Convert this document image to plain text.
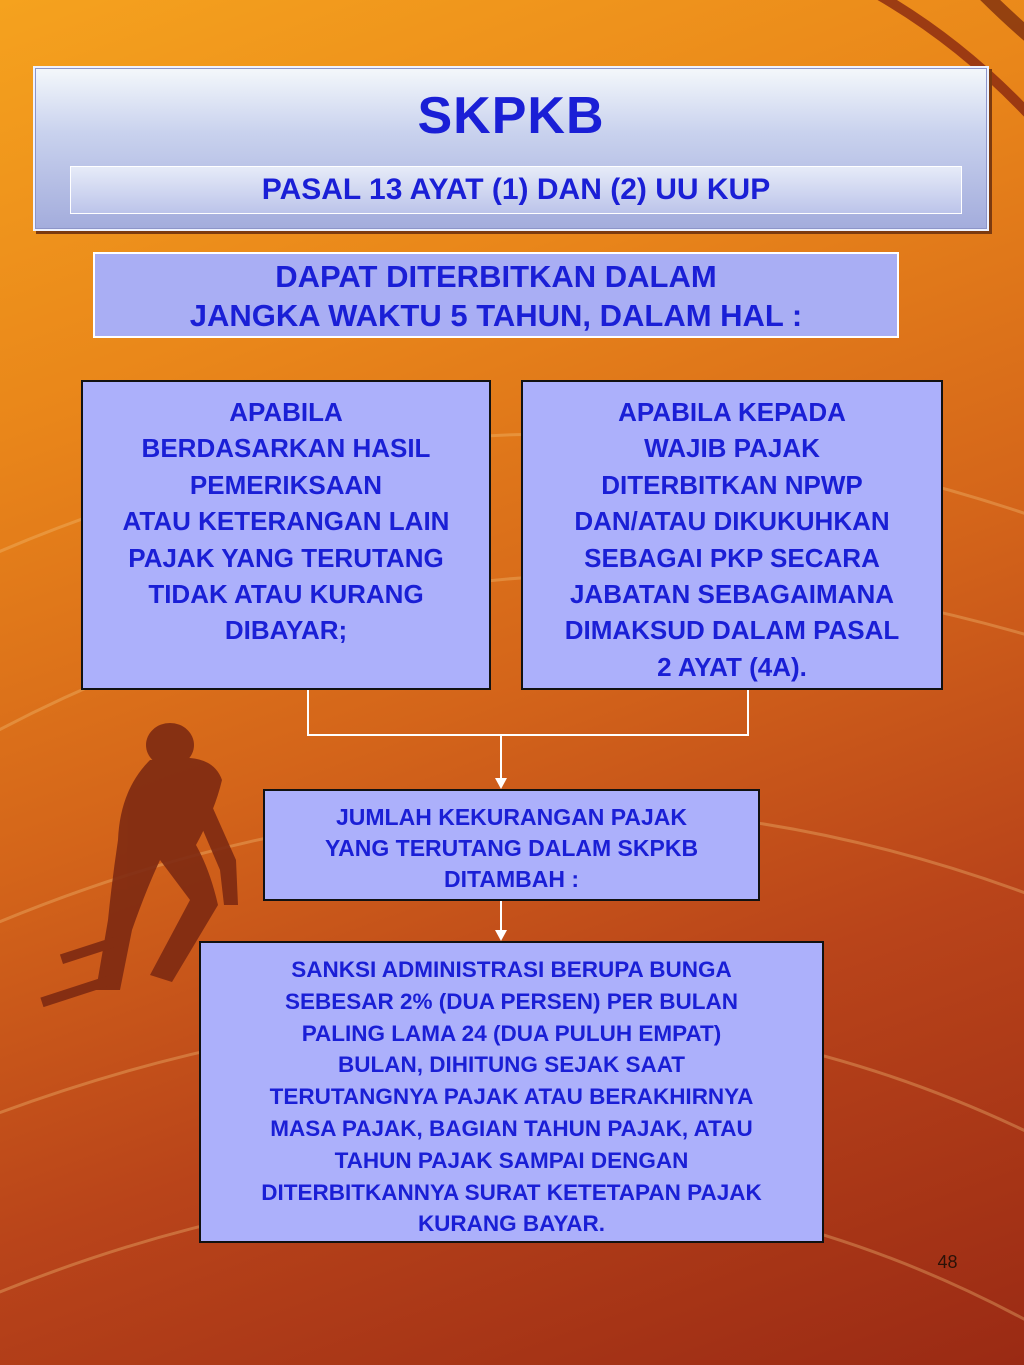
SKPKB
PASAL 13 AYAT (1) DAN (2) UU KUP
DAPAT DITERBITKAN DALAM
JANGKA WAKTU 5 TAHUN, DALAM HAL :
APABILA
BERDASARKAN HASIL
PEMERIKSAAN
ATAU KETERANGAN LAIN
PAJAK YANG TERUTANG
TIDAK ATAU KURANG
DIBAYAR;
APABILA KEPADA
WAJIB PAJAK
DITERBITKAN NPWP
DAN/ATAU DIKUKUHKAN
SEBAGAI PKP SECARA
JABATAN SEBAGAIMANA
DIMAKSUD DALAM PASAL
2 AYAT (4A).
JUMLAH KEKURANGAN PAJAK
YANG TERUTANG DALAM SKPKB
DITAMBAH :
SANKSI ADMINISTRASI BERUPA BUNGA
SEBESAR 2% (DUA PERSEN) PER BULAN
PALING LAMA 24 (DUA PULUH EMPAT)
BULAN, DIHITUNG SEJAK SAAT
TERUTANGNYA PAJAK ATAU BERAKHIRNYA
MASA PAJAK, BAGIAN TAHUN PAJAK, ATAU
TAHUN PAJAK SAMPAI DENGAN
DITERBITKANNYA SURAT KETETAPAN PAJAK
KURANG BAYAR.
48
